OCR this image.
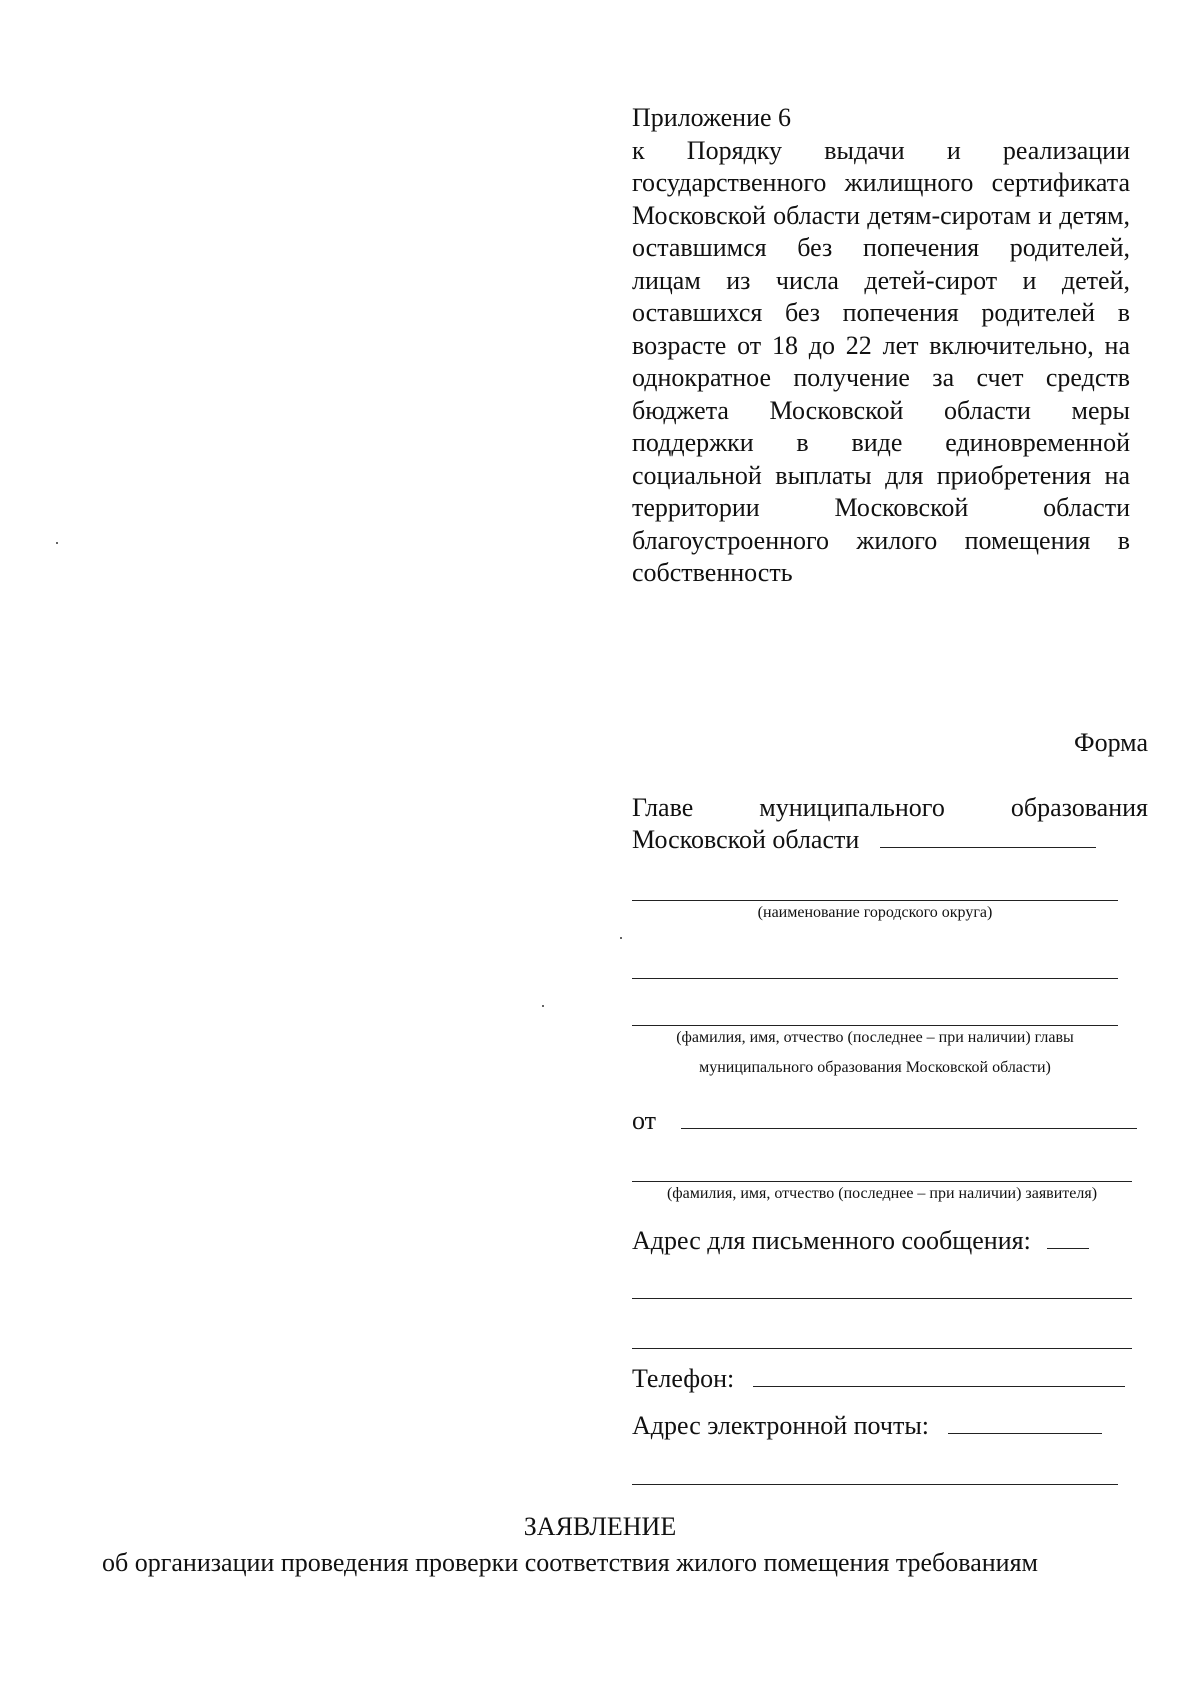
Приложение 6
к Порядку выдачи и реализации государственного жилищного сертификата Московской области детям-сиротам и детям, оставшимся без попечения родителей, лицам из числа детей-сирот и детей, оставшихся без попечения родителей в возрасте от 18 до 22 лет включительно, на однократное получение за счет средств бюджета Московской области меры поддержки в виде единовременной социальной выплаты для приобретения на территории Московской области благоустроенного жилого помещения в собственность
Форма
Главе муниципального образования
Московской области
(наименование городского округа)
(фамилия, имя, отчество (последнее – при наличии) главы
муниципального образования Московской области)
от
(фамилия, имя, отчество (последнее – при наличии) заявителя)
Адрес для письменного сообщения:
Телефон:
Адрес электронной почты:
ЗАЯВЛЕНИЕ
об организации проведения проверки соответствия жилого помещения требованиям
